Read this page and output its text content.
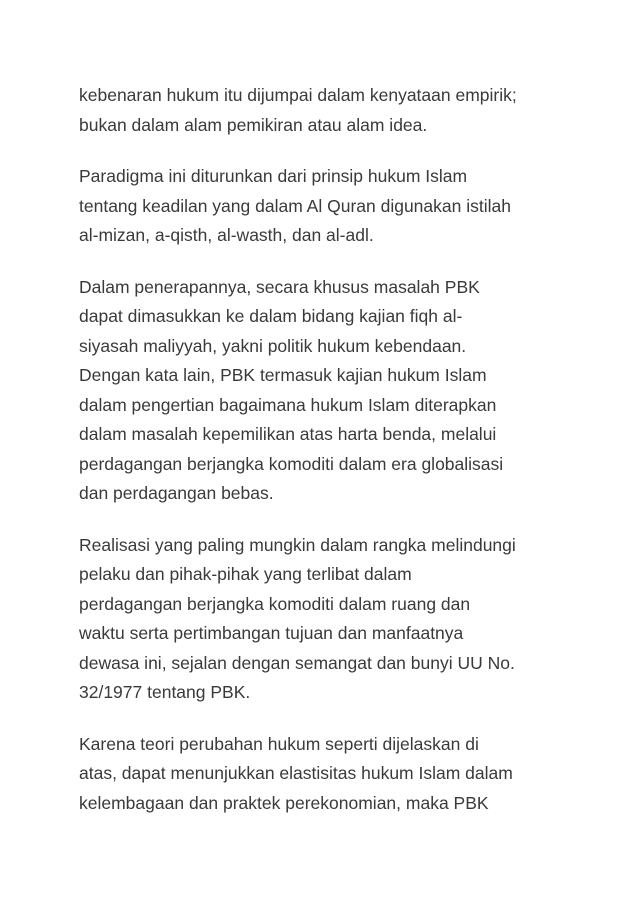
kebenaran hukum itu dijumpai dalam kenyataan empirik;
bukan dalam alam pemikiran atau alam idea.

Paradigma ini diturunkan dari prinsip hukum Islam
tentang keadilan yang dalam Al Quran digunakan istilah
al-mizan, a-qisth, al-wasth, dan al-adl.

Dalam penerapannya, secara khusus masalah PBK
dapat dimasukkan ke dalam bidang kajian fiqh al-
siyasah maliyyah, yakni politik hukum kebendaan.
Dengan kata lain, PBK termasuk kajian hukum Islam
dalam pengertian bagaimana hukum Islam diterapkan
dalam masalah kepemilikan atas harta benda, melalui
perdagangan berjangka komoditi dalam era globalisasi
dan perdagangan bebas.

Realisasi yang paling mungkin dalam rangka melindungi
pelaku dan pihak-pihak yang terlibat dalam
perdagangan berjangka komoditi dalam ruang dan
waktu serta pertimbangan tujuan dan manfaatnya
dewasa ini, sejalan dengan semangat dan bunyi UU No.
32/1977 tentang PBK.

Karena teori perubahan hukum seperti dijelaskan di
atas, dapat menunjukkan elastisitas hukum Islam dalam
kelembagaan dan praktek perekonomian, maka PBK
